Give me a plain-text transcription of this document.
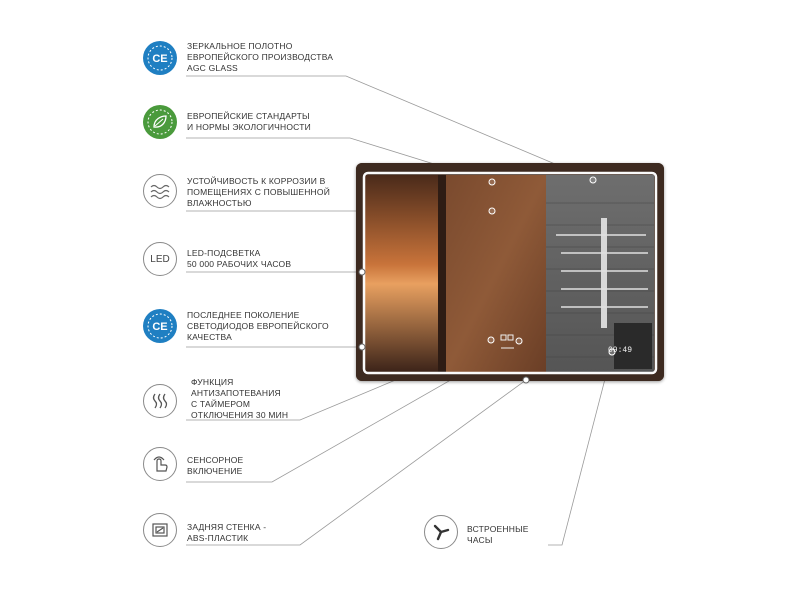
09:49
CE
ЗЕРКАЛЬНОЕ ПОЛОТНО
ЕВРОПЕЙСКОГО ПРОИЗВОДСТВА
AGC GLASS
ЕВРОПЕЙСКИЕ СТАНДАРТЫ
И НОРМЫ ЭКОЛОГИЧНОСТИ
УСТОЙЧИВОСТЬ К КОРРОЗИИ В
ПОМЕЩЕНИЯХ С ПОВЫШЕННОЙ
ВЛАЖНОСТЬЮ
LED
LED-ПОДСВЕТКА
50 000 РАБОЧИХ ЧАСОВ
CE
ПОСЛЕДНЕЕ ПОКОЛЕНИЕ
СВЕТОДИОДОВ ЕВРОПЕЙСКОГО
КАЧЕСТВА
ФУНКЦИЯ
АНТИЗАПОТЕВАНИЯ
С ТАЙМЕРОМ
ОТКЛЮЧЕНИЯ 30 МИН
СЕНСОРНОЕ
ВКЛЮЧЕНИЕ
ЗАДНЯЯ СТЕНКА -
ABS-ПЛАСТИК
ВСТРОЕННЫЕ
ЧАСЫ
